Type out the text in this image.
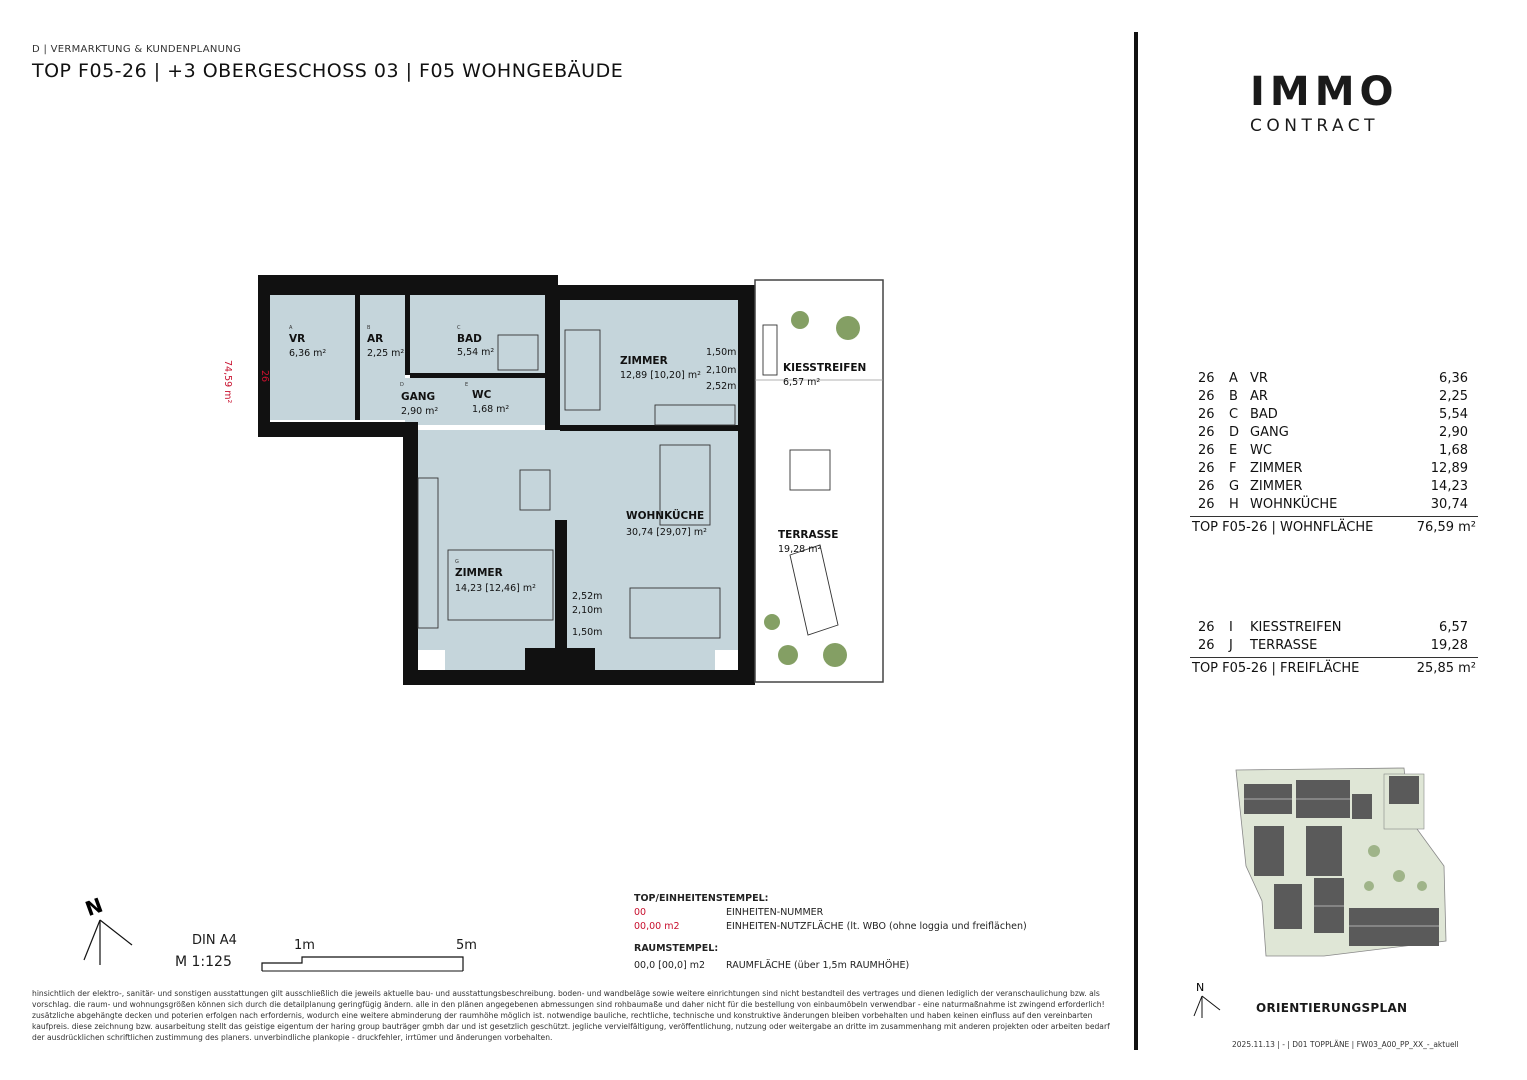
D | VERMARKTUNG & KUNDENPLANUNG
TOP F05-26 | +3 OBERGESCHOSS 03 | F05 WOHNGEBÄUDE
26
74,59 m²
A
VR
6,36 m²
B
AR
2,25 m²
C
BAD
5,54 m²
D
GANG
2,90 m²
E
WC
1,68 m²
ZIMMER
12,89 [10,20] m²
1,50m
2,10m
2,52m
WOHNKÜCHE
30,74 [29,07] m²
G
ZIMMER
14,23 [12,46] m²
2,52m
2,10m
1,50m
KIESSTREIFEN
6,57 m²
TERRASSE
19,28 m²
N
DIN A4
M 1:125
1m	5m
TOP/EINHEITENSTEMPEL:
00	EINHEITEN-NUMMER
00,00 m2	EINHEITEN-NUTZFLÄCHE (lt. WBO (ohne loggia und freiflächen)
RAUMSTEMPEL:
00,0 [00,0] m2 RAUMFLÄCHE (über 1,5m RAUMHÖHE)
hinsichtlich der elektro-, sanitär- und sonstigen ausstattungen gilt ausschließlich die jeweils aktuelle bau- und ausstattungsbeschreibung. boden- und wandbeläge sowie weitere einrichtungen sind nicht bestandteil des vertrages und dienen lediglich der veranschaulichung bzw. als vorschlag. die raum- und wohnungsgrößen können sich durch die detailplanung geringfügig ändern. alle in den plänen angegebenen abmessungen sind rohbaumaße und daher nicht für die bestellung von einbaumöbeln verwendbar - eine naturmaßnahme ist zwingend erforderlich! zusätzliche abgehängte decken und poterien erfolgen nach erfordernis, wodurch eine weitere abminderung der raumhöhe möglich ist. notwendige bauliche, rechtliche, technische und konstruktive änderungen bleiben vorbehalten und haben keinen einfluss auf den vereinbarten kaufpreis. diese zeichnung bzw. ausarbeitung stellt das geistige eigentum der haring group bauträger gmbh dar und ist gesetzlich geschützt. jegliche vervielfältigung, veröffentlichung, nutzung oder weitergabe an dritte im zusammenhang mit anderen projekten oder arbeiten bedarf der ausdrücklichen schriftlichen zustimmung des planers. unverbindliche plankopie - druckfehler, irrtümer und änderungen vorbehalten.
IMMO
CONTRACT
26 A VR	6,36
26 B AR	2,25
26 C BAD	5,54
26 D GANG	2,90
26 E WC	1,68
26 F ZIMMER	12,89
26 G ZIMMER	14,23
26 H WOHNKÜCHE	30,74
TOP F05-26 | WOHNFLÄCHE	76,59 m²
26 I KIESSTREIFEN	6,57
26 J TERRASSE	19,28
TOP F05-26 | FREIFLÄCHE	25,85 m²
N
ORIENTIERUNGSPLAN
2025.11.13 | - | D01 TOPPLÄNE | FW03_A00_PP_XX_-_aktuell
